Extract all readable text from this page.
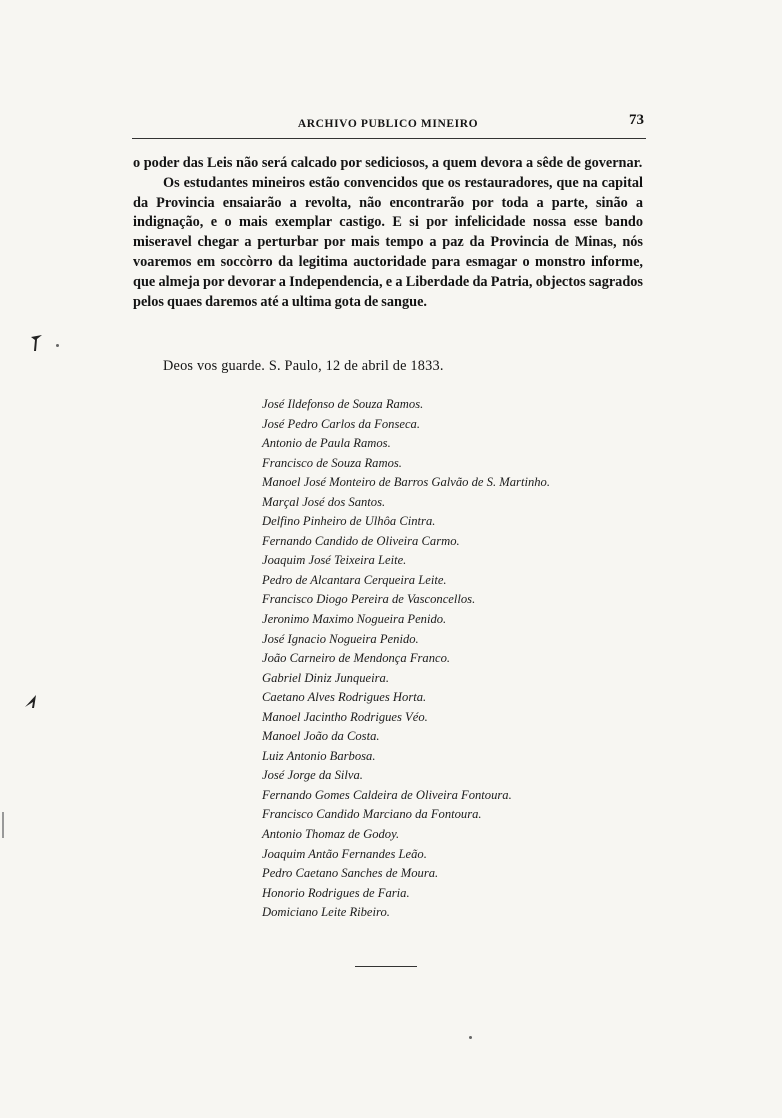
ARCHIVO PUBLICO MINEIRO	73

o poder das Leis não será calcado por sediciosos, a quem devora a sêde de governar.

Os estudantes mineiros estão convencidos que os restauradores, que na capital da Provincia ensaiarão a revolta, não encontrarão por toda a parte, sinão a indignação, e o mais exemplar castigo. E si por infelicidade nossa esse bando miseravel chegar a perturbar por mais tempo a paz da Provincia de Minas, nós voaremos em soccòrro da legitima auctoridade para esmagar o monstro informe, que almeja por devorar a Independencia, e a Liberdade da Patria, objectos sagrados pelos quaes daremos até a ultima gota de sangue.

Deos vos guarde. S. Paulo, 12 de abril de 1833.
José Ildefonso de Souza Ramos.
José Pedro Carlos da Fonseca.
Antonio de Paula Ramos.
Francisco de Souza Ramos.
Manoel José Monteiro de Barros Galvão de S. Martinho.
Marçal José dos Santos.
Delfino Pinheiro de Ulhôa Cintra.
Fernando Candido de Oliveira Carmo.
Joaquim José Teixeira Leite.
Pedro de Alcantara Cerqueira Leite.
Francisco Diogo Pereira de Vasconcellos.
Jeronimo Maximo Nogueira Penido.
José Ignacio Nogueira Penido.
João Carneiro de Mendonça Franco.
Gabriel Diniz Junqueira.
Caetano Alves Rodrigues Horta.
Manoel Jacintho Rodrigues Véo.
Manoel João da Costa.
Luiz Antonio Barbosa.
José Jorge da Silva.
Fernando Gomes Caldeira de Oliveira Fontoura.
Francisco Candido Marciano da Fontoura.
Antonio Thomaz de Godoy.
Joaquim Antão Fernandes Leão.
Pedro Caetano Sanches de Moura.
Honorio Rodrigues de Faria.
Domiciano Leite Ribeiro.
